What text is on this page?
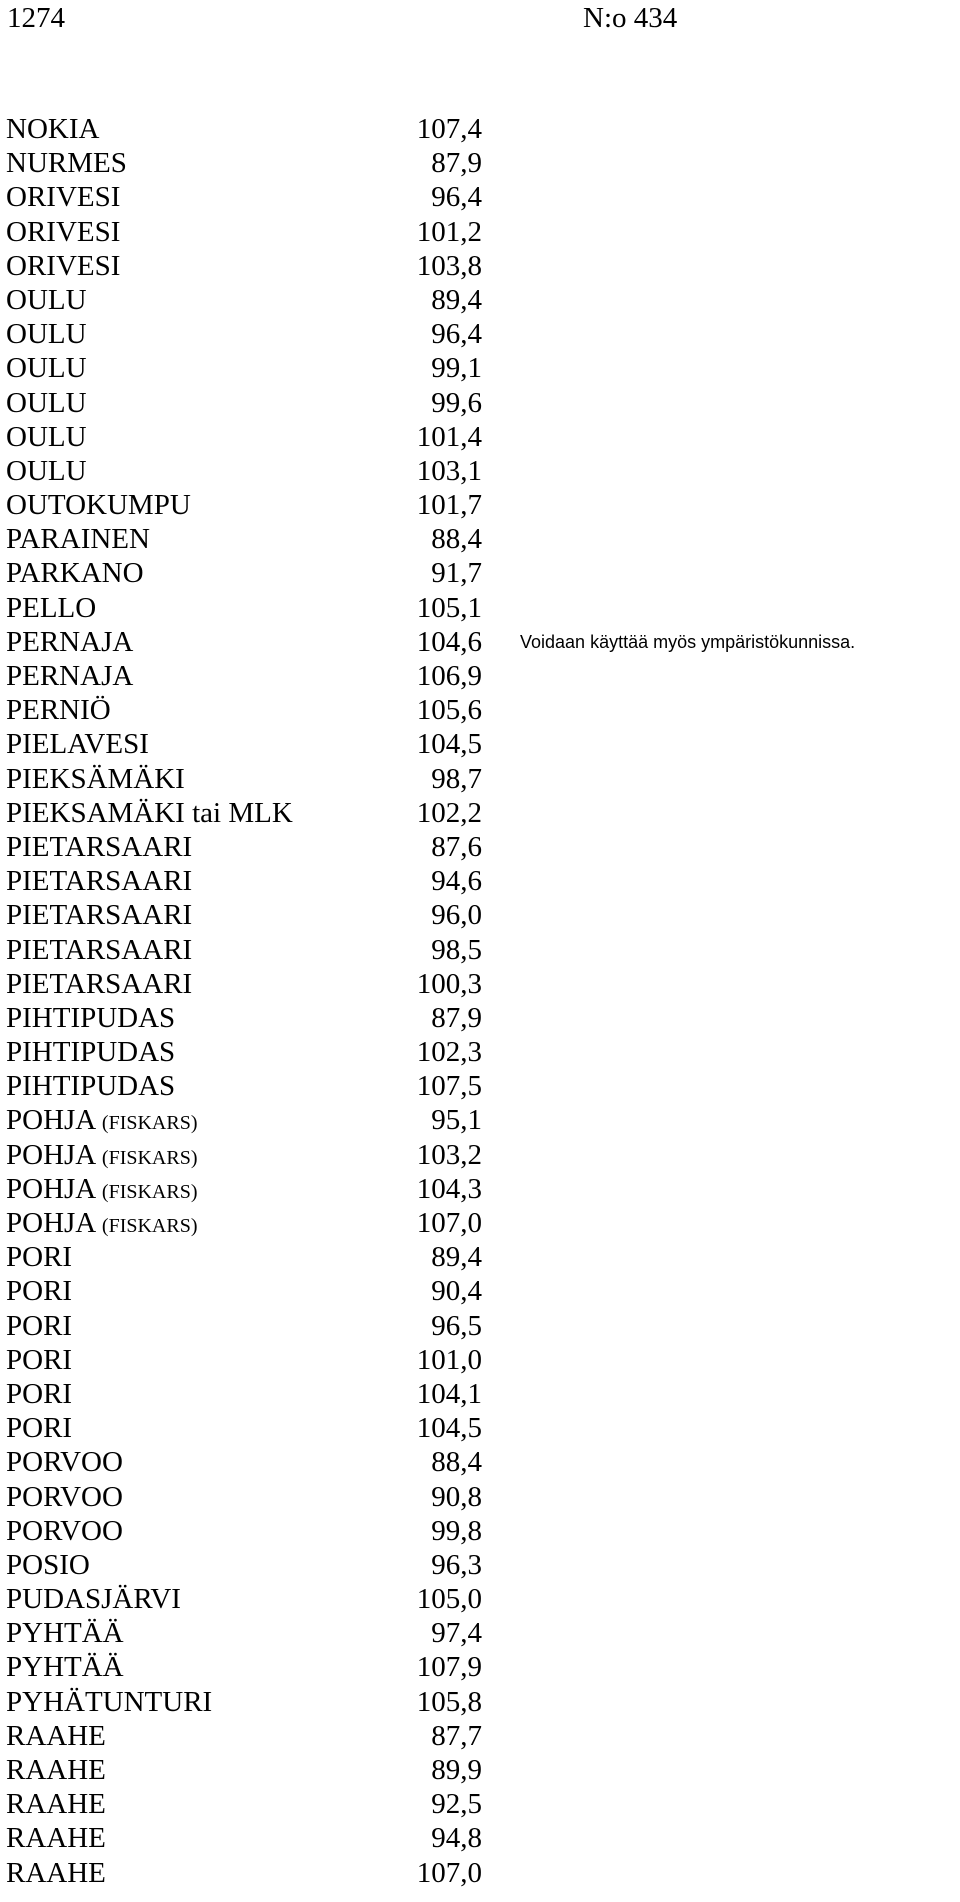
1274	N:o 434
NOKIA	107,4
NURMES	87,9
ORIVESI	96,4
ORIVESI	101,2
ORIVESI	103,8
OULU	89,4
OULU	96,4
OULU	99,1
OULU	99,6
OULU	101,4
OULU	103,1
OUTOKUMPU	101,7
PARAINEN	88,4
PARKANO	91,7
PELLO	105,1
PERNAJA	104,6
PERNAJA	106,9
PERNIÖ	105,6
PIELAVESI	104,5
PIEKSÄMÄKI	98,7
PIEKSAMÄKI tai MLK	102,2
PIETARSAARI	87,6
PIETARSAARI	94,6
PIETARSAARI	96,0
PIETARSAARI	98,5
PIETARSAARI	100,3
PIHTIPUDAS	87,9
PIHTIPUDAS	102,3
PIHTIPUDAS	107,5
POHJA (FISKARS)	95,1
POHJA (FISKARS)	103,2
POHJA (FISKARS)	104,3
POHJA (FISKARS)	107,0
PORI	89,4
PORI	90,4
PORI	96,5
PORI	101,0
PORI	104,1
PORI	104,5
PORVOO	88,4
PORVOO	90,8
PORVOO	99,8
POSIO	96,3
PUDASJÄRVI	105,0
PYHTÄÄ	97,4
PYHTÄÄ	107,9
PYHÄTUNTURI	105,8
RAAHE	87,7
RAAHE	89,9
RAAHE	92,5
RAAHE	94,8
RAAHE	107,0
Voidaan käyttää myös ympäristökunnissa.
